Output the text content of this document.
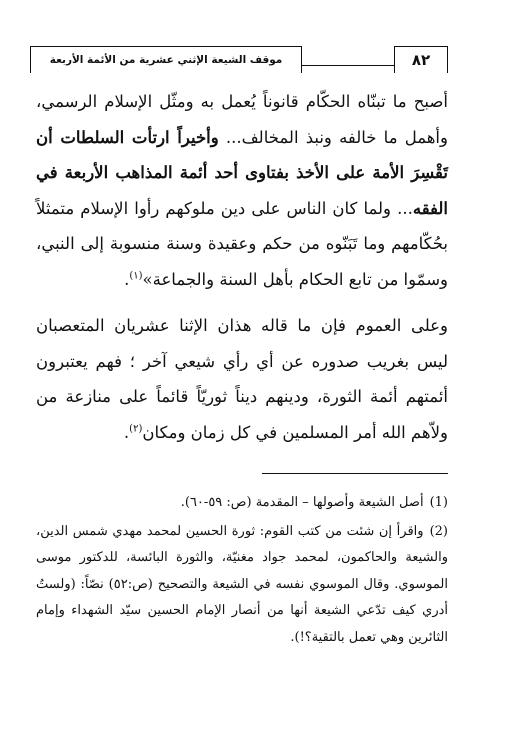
موقف الشيعة الإثني عشرية من الأئمة الأربعة	٨٢

أصبح ما تبنّاه الحكّام قانوناً يُعمل به ومثّل الإسلام الرسمي، وأهمل ما خالفه ونبذ المخالف... وأخيراً ارتأت السلطات أن تَقْسِرَ الأمة على الأخذ بفتاوى أحد أئمة المذاهب الأربعة في الفقه... ولما كان الناس على دين ملوكهم رأوا الإسلام متمثلاً بحُكّامهم وما تَبَنّوه من حكم وعقيدة وسنة منسوبة إلى النبي، وسمّوا من تابع الحكام بأهل السنة والجماعة»$^{(١)}$.

وعلى العموم فإن ما قاله هذان الإثنا عشريان المتعصبان ليس بغريب صدوره عن أي رأي شيعي آخر ؛ فهم يعتبرون أئمتهم أئمة الثورة، ودينهم ديناً ثوريّاً قائماً على منازعة من ولاّهم الله أمر المسلمين في كل زمان ومكان$^{(٢)}$.

(1)أصل الشيعة وأصولها – المقدمة (ص: ٥٩-٦٠).

(2)واقرأ إن شئت من كتب القوم: ثورة الحسين لمحمد مهدي شمس الدين، والشيعة والحاكمون، لمحمد جواد مغنيّة، والثورة البائسة، للدكتور موسى الموسوي. وقال الموسوي نفسه في الشيعة والتصحيح (ص:٥٢) نصّاً: (ولستُ أدري كيف تدّعي الشيعة أنها من أنصار الإمام الحسين سيّد الشهداء وإمام الثائرين وهي تعمل بالتقية؟!).
